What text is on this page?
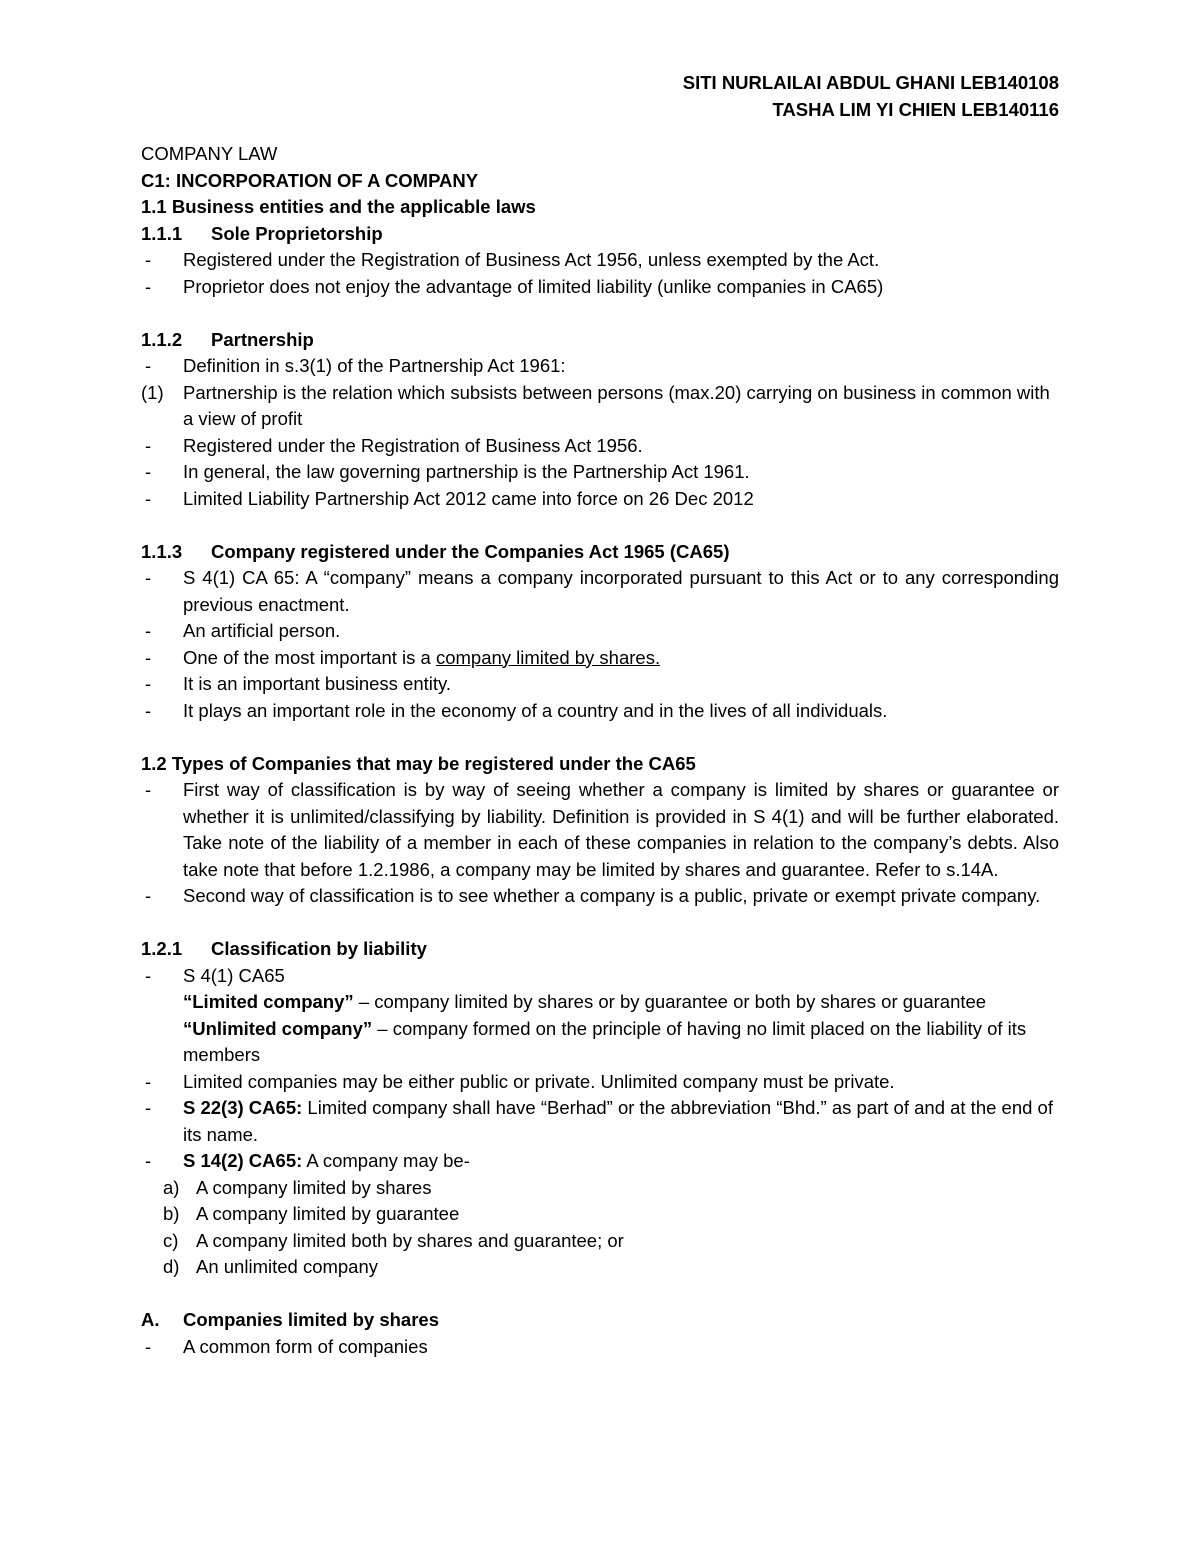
SITI NURLAILAI ABDUL GHANI LEB140108
TASHA LIM YI CHIEN LEB140116

COMPANY LAW

C1: INCORPORATION OF A COMPANY

1.1 Business entities and the applicable laws

1.1.1	Sole Proprietorship
-	Registered under the Registration of Business Act 1956, unless exempted by the Act.
-	Proprietor does not enjoy the advantage of limited liability (unlike companies in CA65)
1.1.2	Partnership
-	Definition in s.3(1) of the Partnership Act 1961:
(1)	Partnership is the relation which subsists between persons (max.20) carrying on business in common with a view of profit
-	Registered under the Registration of Business Act 1956.
-	In general, the law governing partnership is the Partnership Act 1961.
-	Limited Liability Partnership Act 2012 came into force on 26 Dec 2012
1.1.3	Company registered under the Companies Act 1965 (CA65)
-	S 4(1) CA 65: A “company” means a company incorporated pursuant to this Act or to any corresponding previous enactment.
-	An artificial person.
-	One of the most important is a company limited by shares.
-	It is an important business entity.
-	It plays an important role in the economy of a country and in the lives of all individuals.

1.2 Types of Companies that may be registered under the CA65

-	First way of classification is by way of seeing whether a company is limited by shares or guarantee or whether it is unlimited/classifying by liability. Definition is provided in S 4(1) and will be further elaborated. Take note of the liability of a member in each of these companies in relation to the company’s debts. Also take note that before 1.2.1986, a company may be limited by shares and guarantee. Refer to s.14A.
-	Second way of classification is to see whether a company is a public, private or exempt private company.
1.2.1	Classification by liability
-	S 4(1) CA65

“Limited company” – company limited by shares or by guarantee or both by shares or guarantee

“Unlimited company” – company formed on the principle of having no limit placed on the liability of its members

-	Limited companies may be either public or private. Unlimited company must be private.
-	S 22(3) CA65: Limited company shall have “Berhad” or the abbreviation “Bhd.” as part of and at the end of its name.
-	S 14(2) CA65: A company may be-
a) A company limited by shares
b) A company limited by guarantee
c) A company limited both by shares and guarantee; or
d) An unlimited company
A.	Companies limited by shares
-	A common form of companies
